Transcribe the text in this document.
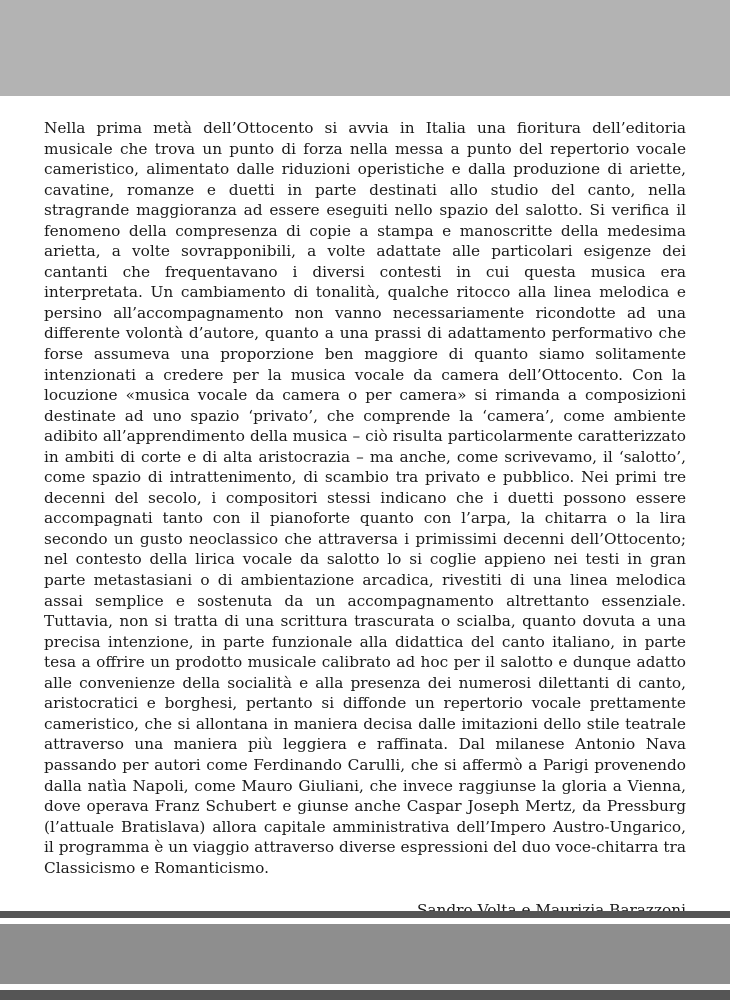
Nella prima metà dell’Ottocento si avvia in Italia una fioritura dell’editoria musicale che trova un punto di forza nella messa a punto del repertorio vocale cameristico, alimentato dalle riduzioni operistiche e dalla produzione di ariette, cavatine, romanze e duetti in parte destinati allo studio del canto, nella stragrande maggioranza ad essere eseguiti nello spazio del salotto. Si verifica il fenomeno della compresenza di copie a stampa e manoscritte della medesima arietta, a volte sovrapponibili, a volte adattate alle particolari esigenze dei cantanti che frequentavano i diversi contesti in cui questa musica era interpretata. Un cambiamento di tonalità, qualche ritocco alla linea melodica e persino all’accompagnamento non vanno necessariamente ricondotte ad una differente volontà d’autore, quanto a una prassi di adattamento performativo che forse assumeva una proporzione ben maggiore di quanto siamo solitamente intenzionati a credere per la musica vocale da camera dell’Ottocento. Con la locuzione «musica vocale da camera o per camera» si rimanda a composizioni destinate ad uno spazio ‘privato’, che comprende la ‘camera’, come ambiente adibito all’apprendimento della musica – ciò risulta particolarmente caratterizzato in ambiti di corte e di alta aristocrazia – ma anche, come scrivevamo, il ‘salotto’, come spazio di intrattenimento, di scambio tra privato e pubblico. Nei primi tre decenni del secolo, i compositori stessi indicano che i duetti possono essere accompagnati tanto con il pianoforte quanto con l’arpa, la chitarra o la lira secondo un gusto neoclassico che attraversa i primissimi decenni dell’Ottocento; nel contesto della lirica vocale da salotto lo si coglie appieno nei testi in gran parte metastasiani o di ambientazione arcadica, rivestiti di una linea melodica assai semplice e sostenuta da un accompagnamento altrettanto essenziale. Tuttavia, non si tratta di una scrittura trascurata o scialba, quanto dovuta a una precisa intenzione, in parte funzionale alla didattica del canto italiano, in parte tesa a offrire un prodotto musicale calibrato ad hoc per il salotto e dunque adatto alle convenienze della socialità e alla presenza dei numerosi dilettanti di canto, aristocratici e borghesi, pertanto si diffonde un repertorio vocale prettamente cameristico, che si allontana in maniera decisa dalle imitazioni dello stile teatrale attraverso una maniera più leggiera e raffinata. Dal milanese Antonio Nava passando per autori come Ferdinando Carulli, che si affermò a Parigi provenendo dalla natìa Napoli, come Mauro Giuliani, che invece raggiunse la gloria a Vienna, dove operava Franz Schubert e giunse anche Caspar Joseph Mertz, da Pressburg (l’attuale Bratislava) allora capitale amministrativa dell’Impero Austro-Ungarico, il programma è un viaggio attraverso diverse espressioni del duo voce-chitarra tra Classicismo e Romanticismo.
